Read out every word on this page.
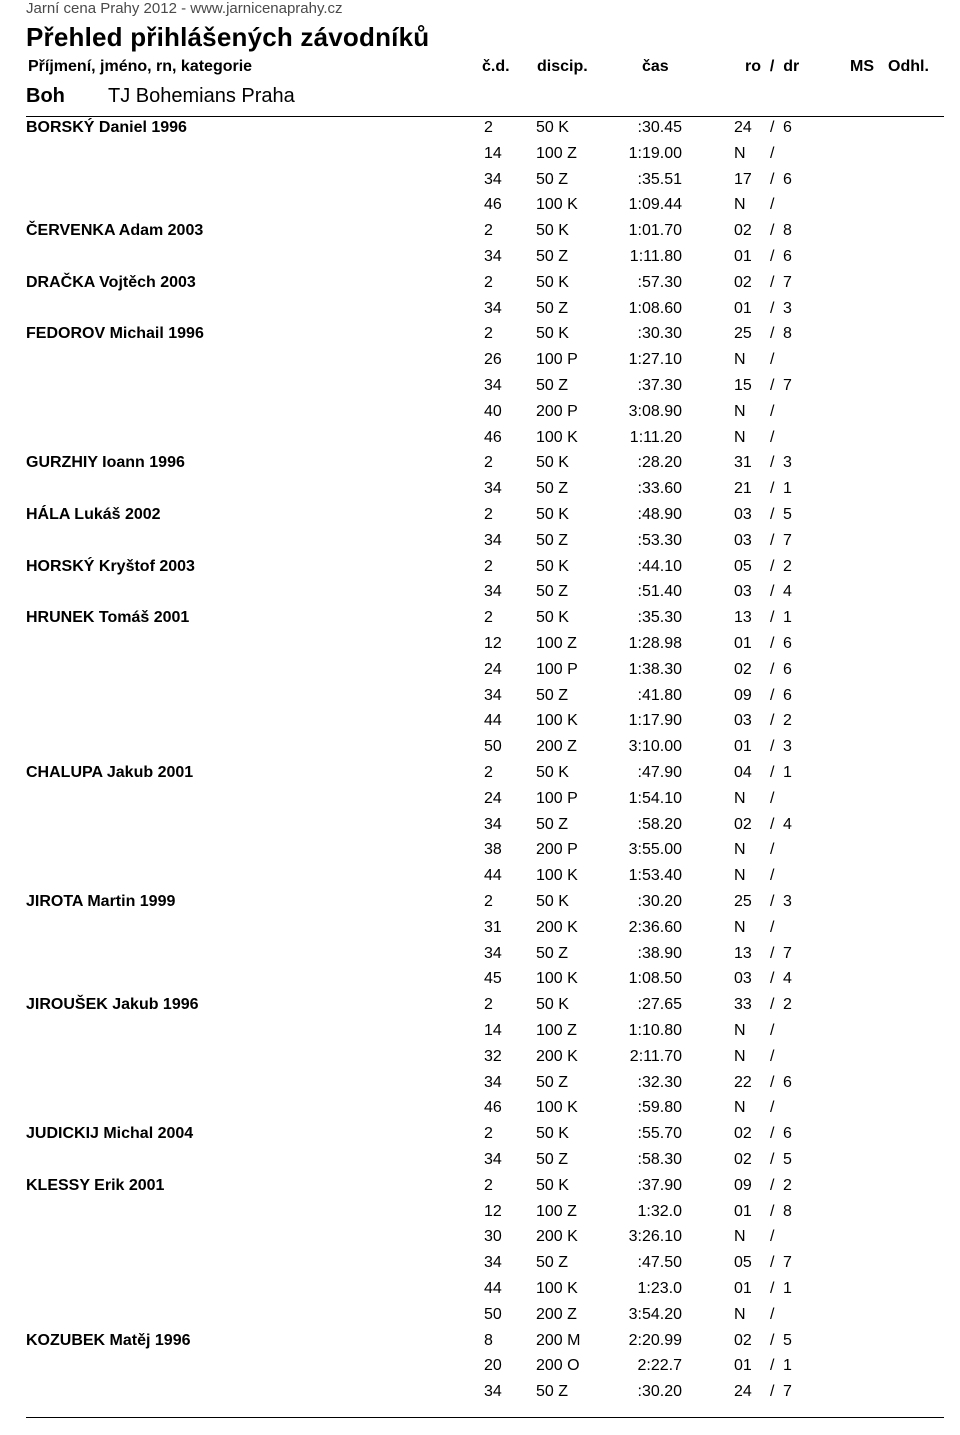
Jarní cena Prahy 2012 - www.jarnicenaprahy.cz
Přehled přihlášených závodníků
Příjmení, jméno, rn, kategorie	č.d. discip.	čas	ro  /  dr	MS Odhl.
Boh TJ Bohemians Praha
BORSKÝ Daniel 1996	2	50 K	:30.45	24 / 6
14 100 Z	1:19.00	N /
34 50 Z	:35.51	17 / 6
46 100 K	1:09.44	N /
ČERVENKA Adam 2003	2	50 K	1:01.70	02 / 8
34 50 Z	1:11.80	01 / 6
DRAČKA Vojtěch 2003	2	50 K	:57.30	02 / 7
34 50 Z	1:08.60	01 / 3
FEDOROV Michail 1996	2	50 K	:30.30	25 / 8
26 100 P	1:27.10	N /
34 50 Z	:37.30	15 / 7
40 200 P	3:08.90	N /
46 100 K	1:11.20	N /
GURZHIY Ioann 1996	2	50 K	:28.20	31 / 3
34 50 Z	:33.60	21 / 1
HÁLA Lukáš 2002	2	50 K	:48.90	03 / 5
34 50 Z	:53.30	03 / 7
HORSKÝ Kryštof 2003	2	50 K	:44.10	05 / 2
34 50 Z	:51.40	03 / 4
HRUNEK Tomáš 2001	2	50 K	:35.30	13 / 1
12 100 Z	1:28.98	01 / 6
24 100 P	1:38.30	02 / 6
34 50 Z	:41.80	09 / 6
44 100 K	1:17.90	03 / 2
50 200 Z	3:10.00	01 / 3
CHALUPA Jakub 2001	2	50 K	:47.90	04 / 1
24 100 P	1:54.10	N /
34 50 Z	:58.20	02 / 4
38 200 P	3:55.00	N /
44 100 K	1:53.40	N /
JIROTA Martin 1999	2	50 K	:30.20	25 / 3
31 200 K	2:36.60	N /
34 50 Z	:38.90	13 / 7
45 100 K	1:08.50	03 / 4
JIROUŠEK Jakub 1996	2	50 K	:27.65	33 / 2
14 100 Z	1:10.80	N /
32 200 K	2:11.70	N /
34 50 Z	:32.30	22 / 6
46 100 K	:59.80	N /
JUDICKIJ Michal 2004	2	50 K	:55.70	02 / 6
34 50 Z	:58.30	02 / 5
KLESSY Erik 2001	2	50 K	:37.90	09 / 2
12 100 Z	1:32.0	01 / 8
30 200 K	3:26.10	N /
34 50 Z	:47.50	05 / 7
44 100 K	1:23.0	01 / 1
50 200 Z	3:54.20	N /
KOZUBEK Matěj 1996	8	200 M	2:20.99	02 / 5
20 200 O	2:22.7	01 / 1
34 50 Z	:30.20	24 / 7
